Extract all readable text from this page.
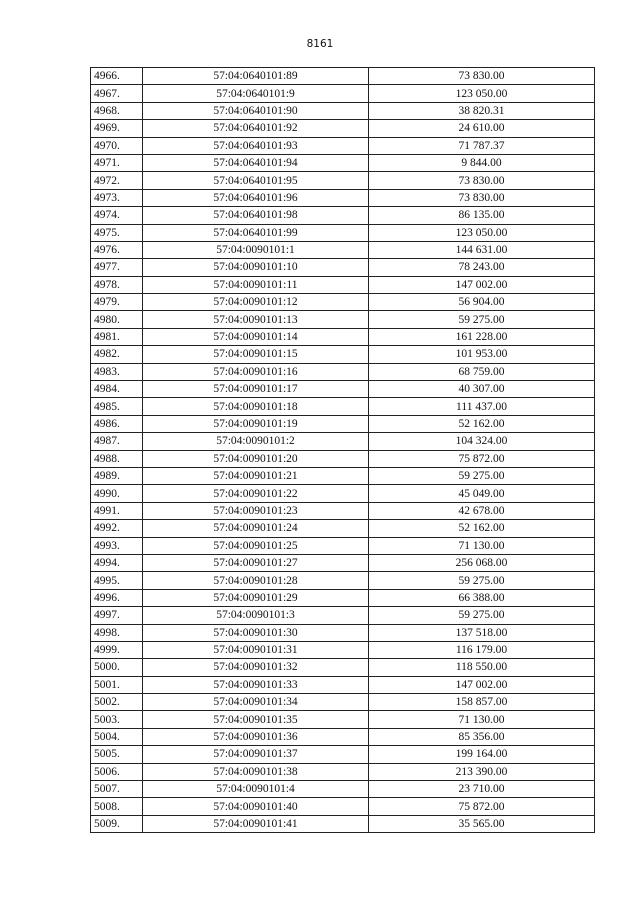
8161
4966.	57:04:0640101:89	73 830.00
4967.	57:04:0640101:9	123 050.00
4968.	57:04:0640101:90	38 820.31
4969.	57:04:0640101:92	24 610.00
4970.	57:04:0640101:93	71 787.37
4971.	57:04:0640101:94	9 844.00
4972.	57:04:0640101:95	73 830.00
4973.	57:04:0640101:96	73 830.00
4974.	57:04:0640101:98	86 135.00
4975.	57:04:0640101:99	123 050.00
4976.	57:04:0090101:1	144 631.00
4977.	57:04:0090101:10	78 243.00
4978.	57:04:0090101:11	147 002.00
4979.	57:04:0090101:12	56 904.00
4980.	57:04:0090101:13	59 275.00
4981.	57:04:0090101:14	161 228.00
4982.	57:04:0090101:15	101 953.00
4983.	57:04:0090101:16	68 759.00
4984.	57:04:0090101:17	40 307.00
4985.	57:04:0090101:18	111 437.00
4986.	57:04:0090101:19	52 162.00
4987.	57:04:0090101:2	104 324.00
4988.	57:04:0090101:20	75 872.00
4989.	57:04:0090101:21	59 275.00
4990.	57:04:0090101:22	45 049.00
4991.	57:04:0090101:23	42 678.00
4992.	57:04:0090101:24	52 162.00
4993.	57:04:0090101:25	71 130.00
4994.	57:04:0090101:27	256 068.00
4995.	57:04:0090101:28	59 275.00
4996.	57:04:0090101:29	66 388.00
4997.	57:04:0090101:3	59 275.00
4998.	57:04:0090101:30	137 518.00
4999.	57:04:0090101:31	116 179.00
5000.	57:04:0090101:32	118 550.00
5001.	57:04:0090101:33	147 002.00
5002.	57:04:0090101:34	158 857.00
5003.	57:04:0090101:35	71 130.00
5004.	57:04:0090101:36	85 356.00
5005.	57:04:0090101:37	199 164.00
5006.	57:04:0090101:38	213 390.00
5007.	57:04:0090101:4	23 710.00
5008.	57:04:0090101:40	75 872.00
5009.	57:04:0090101:41	35 565.00
